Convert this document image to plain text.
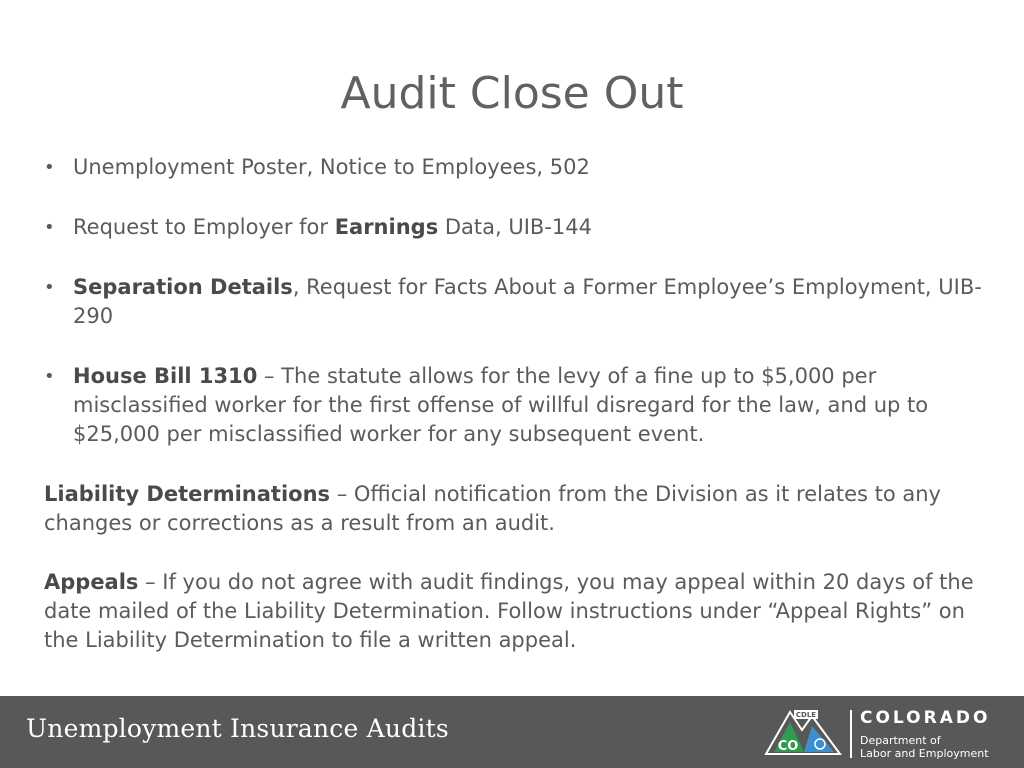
Audit Close Out
• Unemployment Poster, Notice to Employees, 502
• Request to Employer for Earnings Data, UIB-144
• Separation Details, Request for Facts About a Former Employee’s Employment, UIB-290
• House Bill 1310 – The statute allows for the levy of a fine up to $5,000 per misclassified worker for the first offense of willful disregard for the law, and up to $25,000 per misclassified worker for any subsequent event.
Liability Determinations – Official notification from the Division as it relates to any changes or corrections as a result from an audit.
Appeals – If you do not agree with audit findings, you may appeal within 20 days of the date mailed of the Liability Determination. Follow instructions under “Appeal Rights” on the Liability Determination to file a written appeal.
Unemployment Insurance Audits	CDLE
CO
COLORADO
Department of
Labor and Employment
